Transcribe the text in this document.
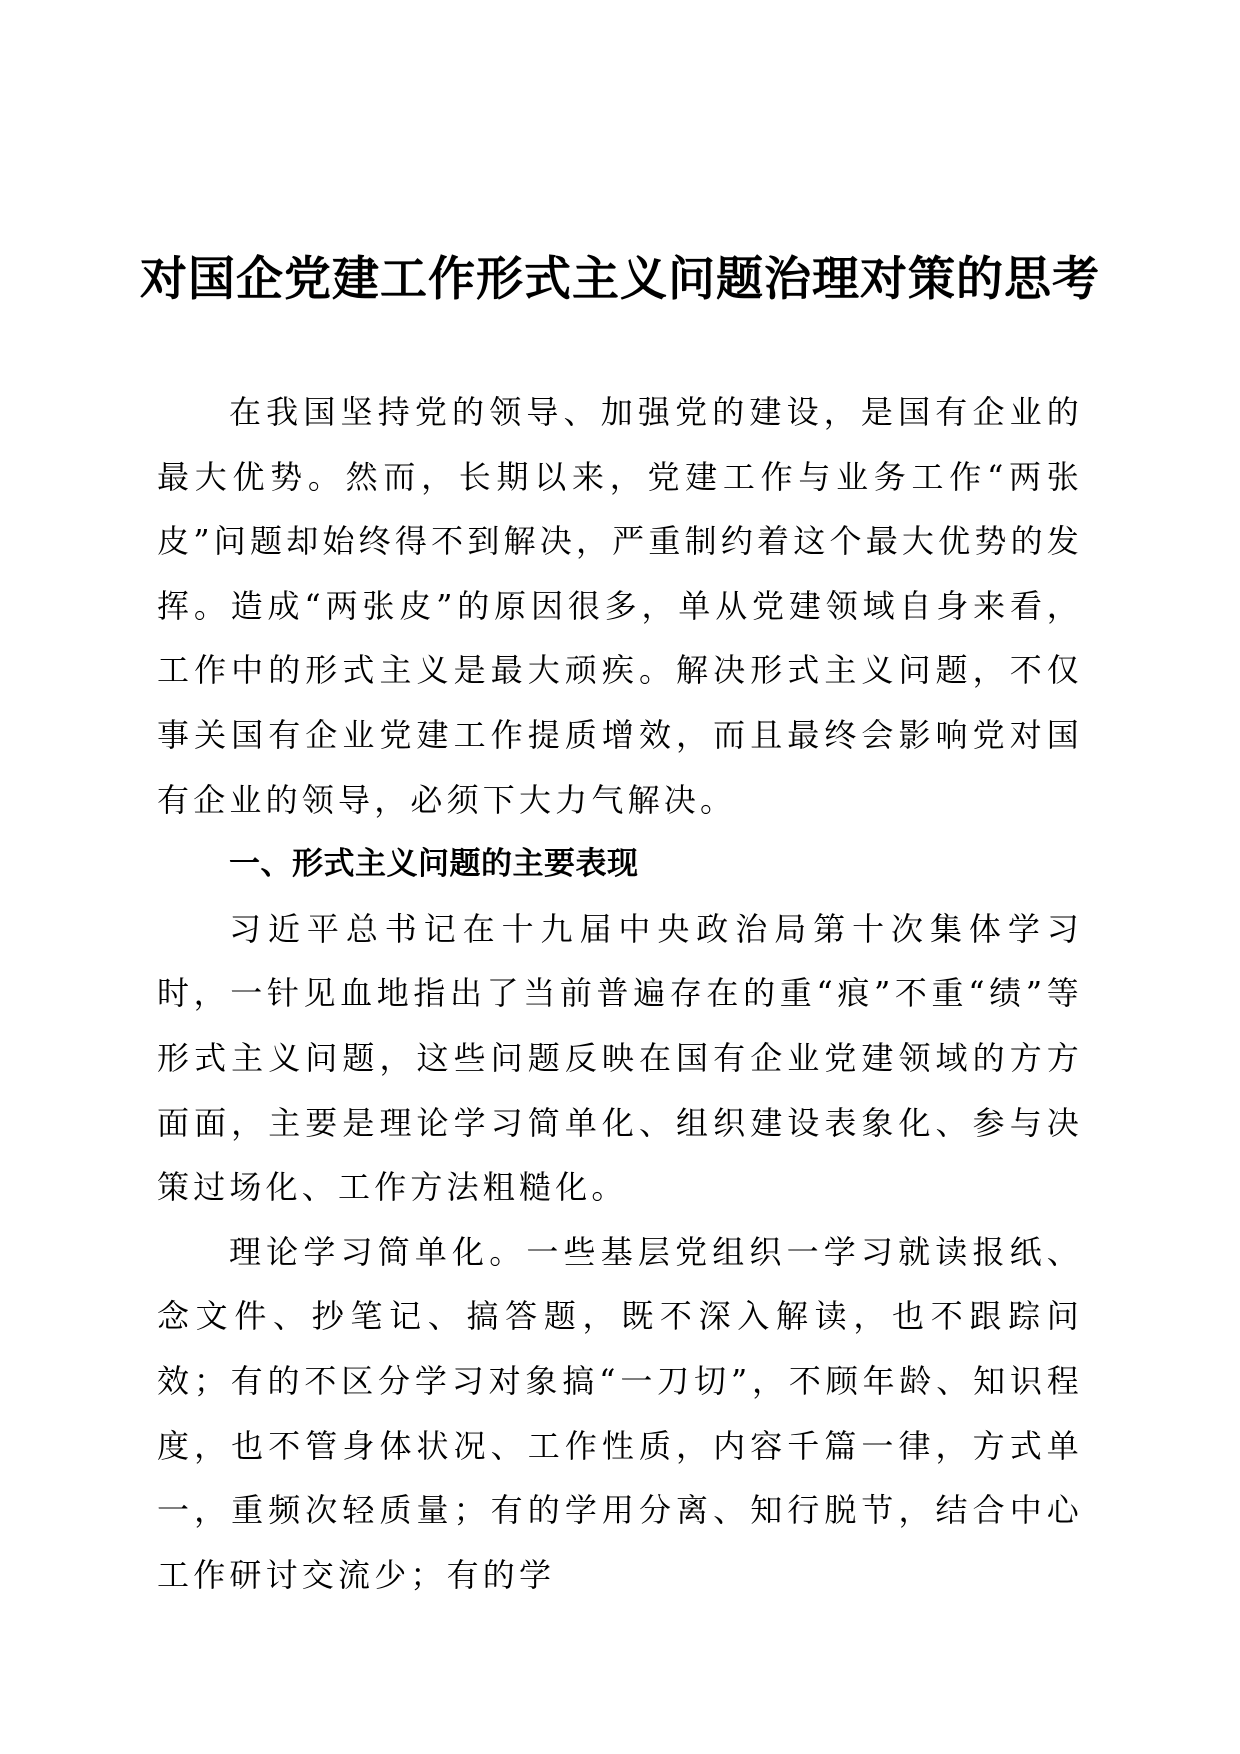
对国企党建工作形式主义问题治理对策的思考

在我国坚持党的领导、加强党的建设，是国有企业的最大优势。然而，长期以来，党建工作与业务工作“两张皮”问题却始终得不到解决，严重制约着这个最大优势的发挥。造成“两张皮”的原因很多，单从党建领域自身来看，工作中的形式主义是最大顽疾。解决形式主义问题，不仅事关国有企业党建工作提质增效，而且最终会影响党对国有企业的领导，必须下大力气解决。

一、形式主义问题的主要表现

习近平总书记在十九届中央政治局第十次集体学习时，一针见血地指出了当前普遍存在的重“痕”不重“绩”等形式主义问题，这些问题反映在国有企业党建领域的方方面面，主要是理论学习简单化、组织建设表象化、参与决策过场化、工作方法粗糙化。

理论学习简单化。一些基层党组织一学习就读报纸、念文件、抄笔记、搞答题，既不深入解读，也不跟踪问效；有的不区分学习对象搞“一刀切”，不顾年龄、知识程度，也不管身体状况、工作性质，内容千篇一律，方式单一，重频次轻质量；有的学用分离、知行脱节，结合中心工作研讨交流少；有的学
